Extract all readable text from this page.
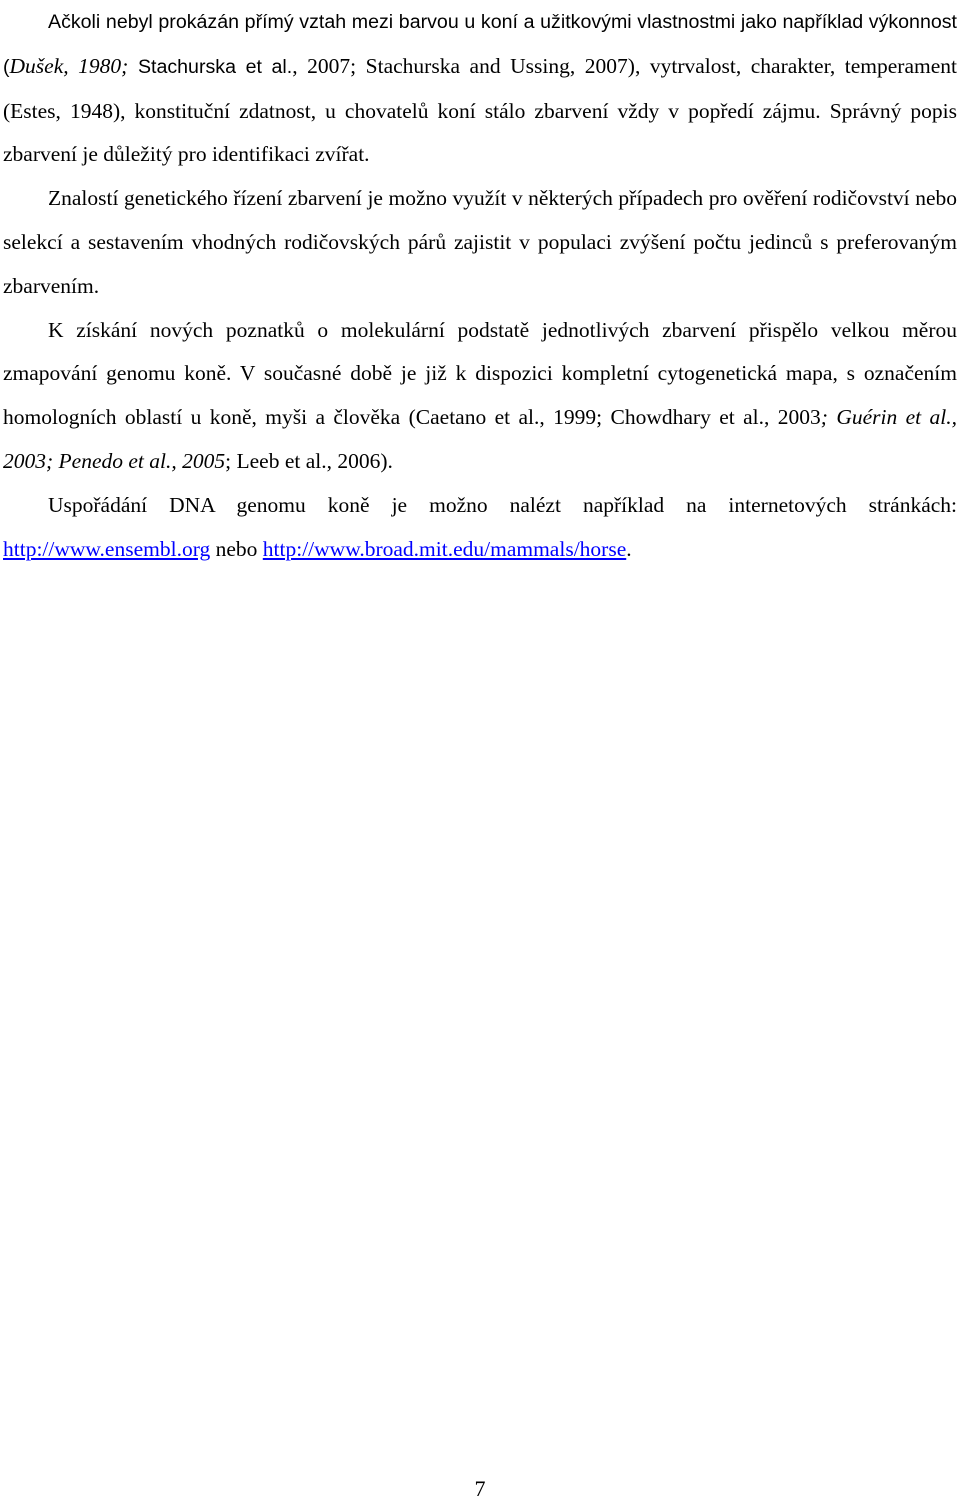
Ačkoli nebyl prokázán přímý vztah mezi barvou u koní a užitkovými vlastnostmi jako například výkonnost (Dušek, 1980; Stachurska et al., 2007; Stachurska and Ussing, 2007), vytrvalost, charakter, temperament (Estes, 1948), konstituční zdatnost, u chovatelů koní stálo zbarvení vždy v popředí zájmu. Správný popis zbarvení je důležitý pro identifikaci zvířat.

Znalostí genetického řízení zbarvení je možno využít v některých případech pro ověření rodičovství nebo selekcí a sestavením vhodných rodičovských párů zajistit v populaci zvýšení počtu jedinců s preferovaným zbarvením.

K získání nových poznatků o molekulární podstatě jednotlivých zbarvení přispělo velkou měrou zmapování genomu koně. V současné době je již k dispozici kompletní cytogenetická mapa, s označením homologních oblastí u koně, myši a člověka (Caetano et al., 1999; Chowdhary et al., 2003; Guérin et al., 2003; Penedo et al., 2005; Leeb et al., 2006).

Uspořádání DNA genomu koně je možno nalézt například na internetových stránkách: http://www.ensembl.org nebo http://www.broad.mit.edu/mammals/horse.

7
